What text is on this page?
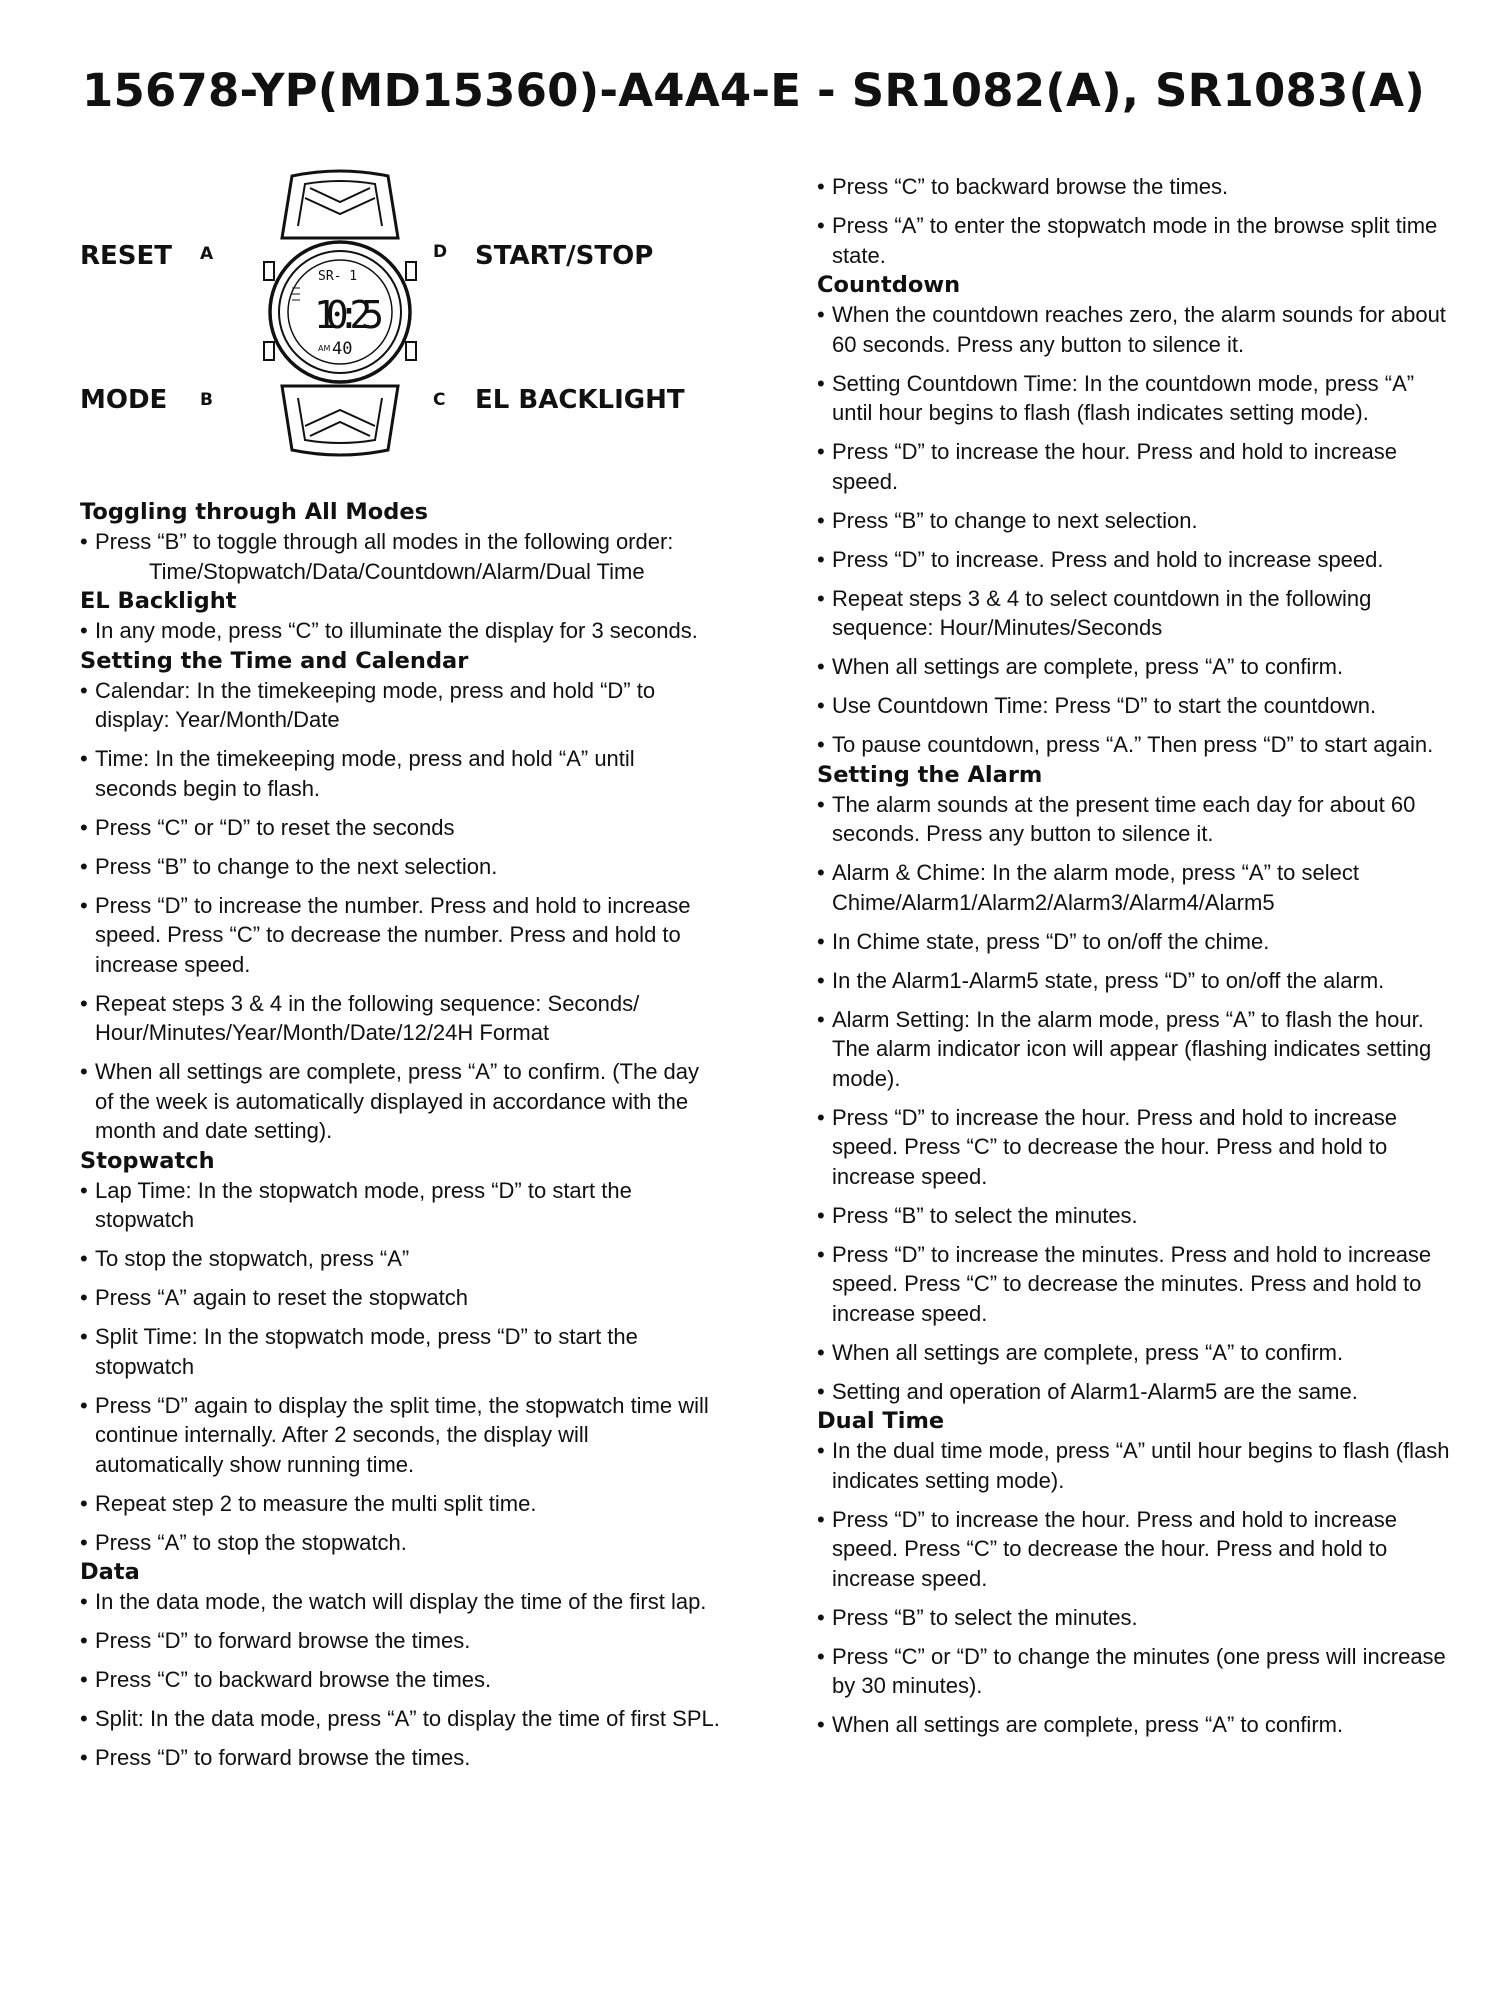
15678-YP(MD15360)-A4A4-E - SR1082(A), SR1083(A)
RESET A
MODE B
D START/STOP
C EL BACKLIGHT
SR- 1
10:25
AM 40
Toggling through All Modes
• Press “B” to toggle through all modes in the following order:Time/Stopwatch/Data/Countdown/Alarm/Dual Time
EL Backlight
• In any mode, press “C” to illuminate the display for 3 seconds.
Setting the Time and Calendar
• Calendar: In the timekeeping mode, press and hold “D” to display: Year/Month/Date
• Time: In the timekeeping mode, press and hold “A” until seconds begin to flash.
• Press “C” or “D” to reset the seconds
• Press “B” to change to the next selection.
• Press “D” to increase the number. Press and hold to increase speed. Press “C” to decrease the number. Press and hold to increase speed.
• Repeat steps 3 & 4 in the following sequence: Seconds/ Hour/Minutes/Year/Month/Date/12/24H Format
• When all settings are complete, press “A” to confirm. (The day of the week is automatically displayed in accordance with the month and date setting).
Stopwatch
• Lap Time: In the stopwatch mode, press “D” to start the stopwatch
• To stop the stopwatch, press “A”
• Press “A” again to reset the stopwatch
• Split Time: In the stopwatch mode, press “D” to start the stopwatch
• Press “D” again to display the split time, the stopwatch time will continue internally. After 2 seconds, the display will automatically show running time.
• Repeat step 2 to measure the multi split time.
• Press “A” to stop the stopwatch.
Data
• In the data mode, the watch will display the time of the first lap.
• Press “D” to forward browse the times.
• Press “C” to backward browse the times.
• Split: In the data mode, press “A” to display the time of first SPL.
• Press “D” to forward browse the times.
• Press “C” to backward browse the times.
• Press “A” to enter the stopwatch mode in the browse split time state.
Countdown
• When the countdown reaches zero, the alarm sounds for about 60 seconds. Press any button to silence it.
• Setting Countdown Time: In the countdown mode, press “A” until hour begins to flash (flash indicates setting mode).
• Press “D” to increase the hour. Press and hold to increase speed.
• Press “B” to change to next selection.
• Press “D” to increase. Press and hold to increase speed.
• Repeat steps 3 & 4 to select countdown in the following sequence: Hour/Minutes/Seconds
• When all settings are complete, press “A” to confirm.
• Use Countdown Time: Press “D” to start the countdown.
• To pause countdown, press “A.” Then press “D” to start again.
Setting the Alarm
• The alarm sounds at the present time each day for about 60 seconds. Press any button to silence it.
• Alarm & Chime: In the alarm mode, press “A” to select Chime/Alarm1/Alarm2/Alarm3/Alarm4/Alarm5
• In Chime state, press “D” to on/off the chime.
• In the Alarm1-Alarm5 state, press “D” to on/off the alarm.
• Alarm Setting: In the alarm mode, press “A” to flash the hour. The alarm indicator icon will appear (flashing indicates setting mode).
• Press “D” to increase the hour. Press and hold to increase speed. Press “C” to decrease the hour. Press and hold to increase speed.
• Press “B” to select the minutes.
• Press “D” to increase the minutes. Press and hold to increase speed. Press “C” to decrease the minutes. Press and hold to increase speed.
• When all settings are complete, press “A” to confirm.
• Setting and operation of Alarm1-Alarm5 are the same.
Dual Time
• In the dual time mode, press “A” until hour begins to flash (flash indicates setting mode).
• Press “D” to increase the hour. Press and hold to increase speed. Press “C” to decrease the hour. Press and hold to increase speed.
• Press “B” to select the minutes.
• Press “C” or “D” to change the minutes (one press will increase by 30 minutes).
• When all settings are complete, press “A” to confirm.
